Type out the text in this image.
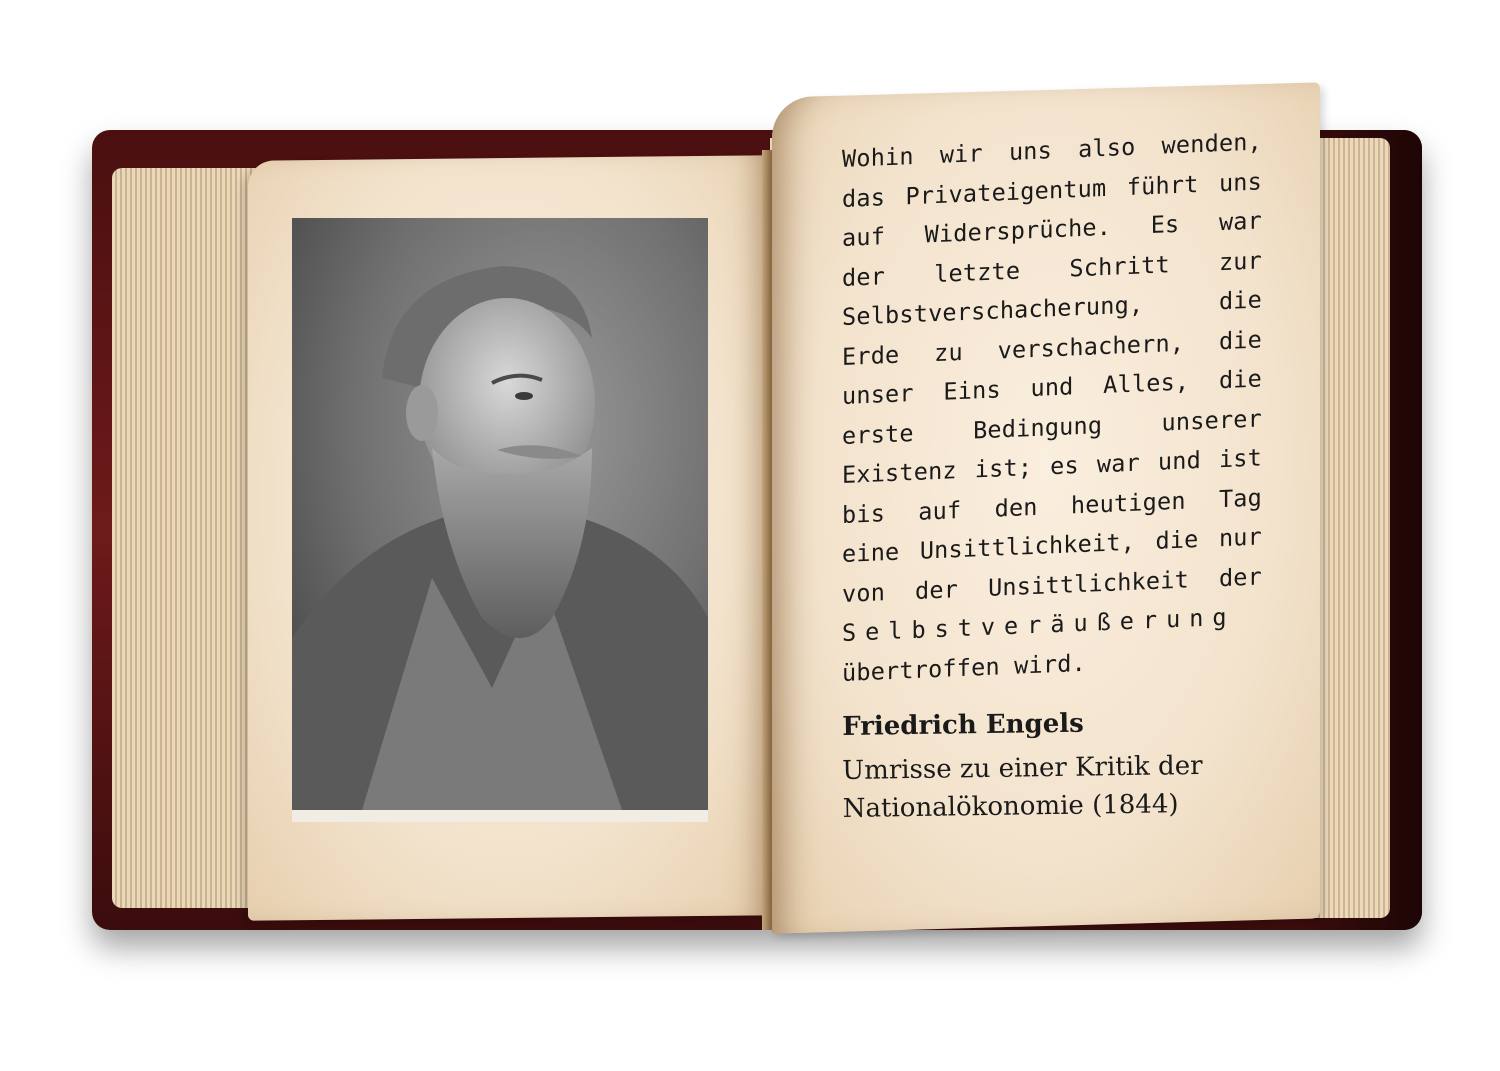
Wohin wir uns also wenden,
das Privateigentum führt uns
auf Widersprüche. Es war
der letzte Schritt zur
Selbstverschacherung, die
Erde zu verschachern, die
unser Eins und Alles, die
erste Bedingung unserer
Existenz ist; es war und ist
bis auf den heutigen Tag
eine Unsittlichkeit, die nur
von der Unsittlichkeit der
Selbstveräußerung
übertroffen wird.
Friedrich Engels
Umrisse zu einer Kritik der
Nationalökonomie (1844)
